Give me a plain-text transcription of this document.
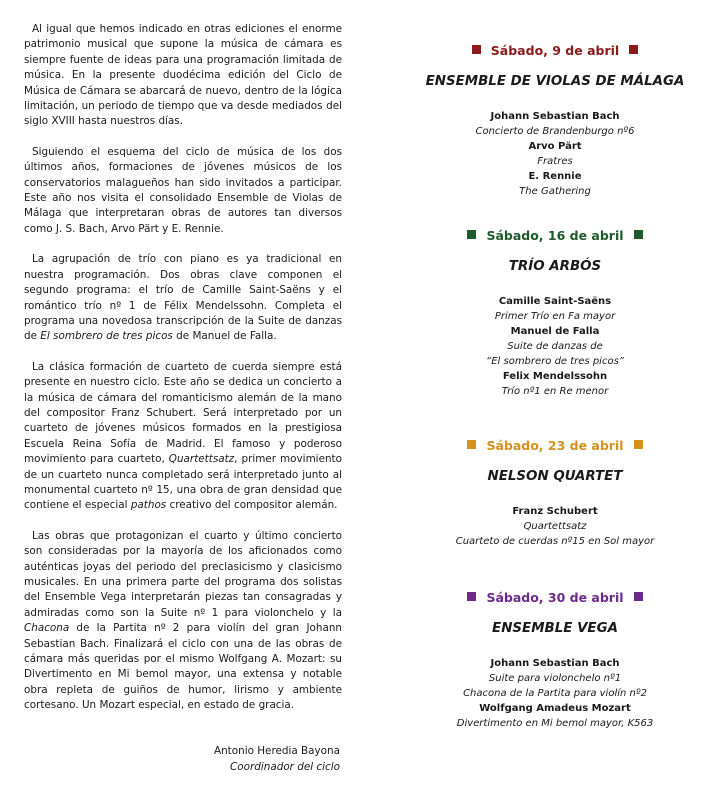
Al igual que hemos indicado en otras ediciones el enorme patrimonio musical que supone la música de cámara es siempre fuente de ideas para una programación limitada de música. En la presente duodécima edición del Ciclo de Música de Cámara se abarcará de nuevo, dentro de la lógica limitación, un periodo de tiempo que va desde mediados del siglo XVIII hasta nuestros días.

Siguiendo el esquema del ciclo de música de los dos últimos años, formaciones de jóvenes músicos de los conservatorios malagueños han sido invitados a participar. Este año nos visita el consolidado Ensemble de Violas de Málaga que interpretaran obras de autores tan diversos como J. S. Bach, Arvo Pärt y E. Rennie.

La agrupación de trío con piano es ya tradicional en nuestra programación. Dos obras clave componen el segundo programa: el trío de Camille Saint-Saëns y el romántico trío nº 1 de Félix Mendelssohn. Completa el programa una novedosa transcripción de la Suite de danzas de El sombrero de tres picos de Manuel de Falla.

La clásica formación de cuarteto de cuerda siempre está presente en nuestro ciclo. Este año se dedica un concierto a la música de cámara del romanticismo alemán de la mano del compositor Franz Schubert. Será interpretado por un cuarteto de jóvenes músicos formados en la prestigiosa Escuela Reina Sofía de Madrid. El famoso y poderoso movimiento para cuarteto, Quartettsatz, primer movimiento de un cuarteto nunca completado será interpretado junto al monumental cuarteto nº 15, una obra de gran densidad que contiene el especial pathos creativo del compositor alemán.

Las obras que protagonizan el cuarto y último concierto son consideradas por la mayoría de los aficionados como auténticas joyas del periodo del preclasicismo y clasicismo musicales. En una primera parte del programa dos solistas del Ensemble Vega interpretarán piezas tan consagradas y admiradas como son la Suite nº 1 para violonchelo y la Chacona de la Partita nº 2 para violín del gran Johann Sebastian Bach. Finalizará el ciclo con una de las obras de cámara más queridas por el mismo Wolfgang A. Mozart: su Divertimento en Mi bemol mayor, una extensa y notable obra repleta de guiños de humor, lirismo y ambiente cortesano. Un Mozart especial, en estado de gracia.

Antonio Heredia Bayona
Coordinador del ciclo
Sábado, 9 de abril
ENSEMBLE DE VIOLAS DE MÁLAGA
Johann Sebastian Bach
Concierto de Brandenburgo nº6
Arvo Pärt
Fratres
E. Rennie
The Gathering
Sábado, 16 de abril
TRÍO ARBÓS
Camille Saint-Saëns
Primer Trío en Fa mayor
Manuel de Falla
Suite de danzas de
“El sombrero de tres picos”
Felix Mendelssohn
Trío nº1 en Re menor
Sábado, 23 de abril
NELSON QUARTET
Franz Schubert
Quartettsatz
Cuarteto de cuerdas nº15 en Sol mayor
Sábado, 30 de abril
ENSEMBLE VEGA
Johann Sebastian Bach
Suite para violonchelo nº1
Chacona de la Partita para violín nº2
Wolfgang Amadeus Mozart
Divertimento en Mi bemol mayor, K563
